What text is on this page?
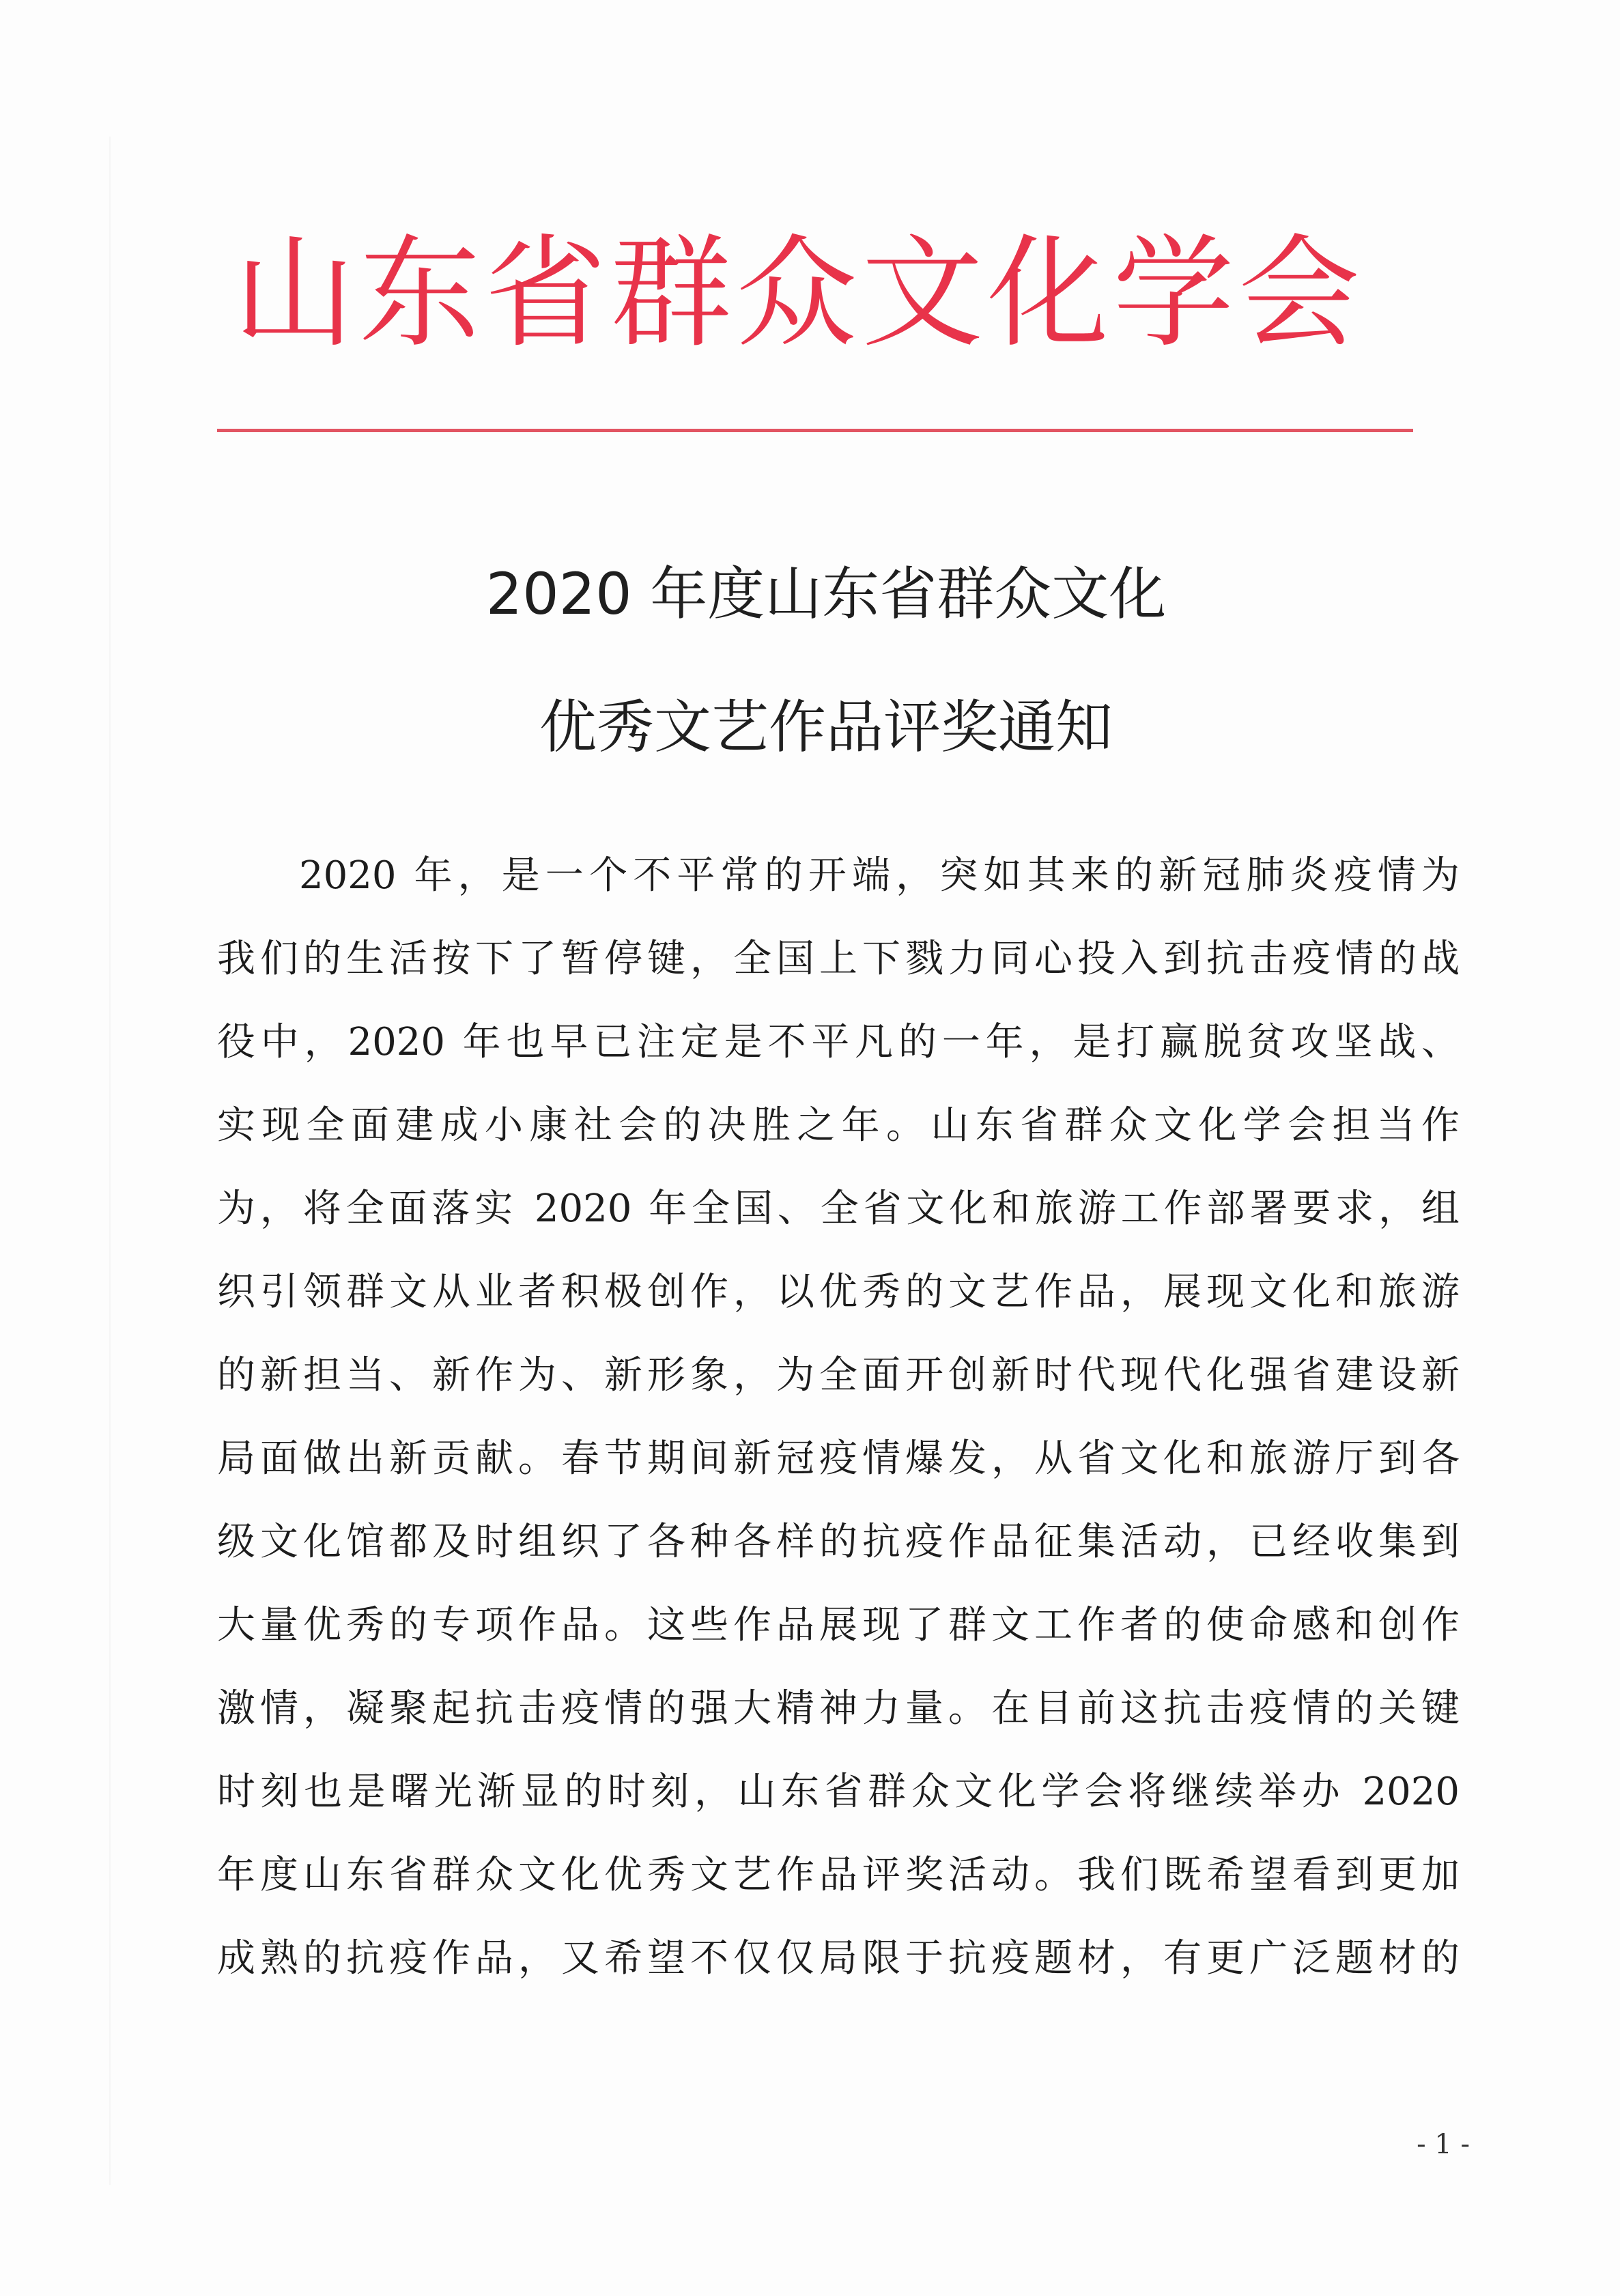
山东省群众文化学会
2020 年度山东省群众文化
优秀文艺作品评奖通知
2020 年，是一个不平常的开端，突如其来的新冠肺炎疫情为
我们的生活按下了暂停键，全国上下戮力同心投入到抗击疫情的战
役中，2020 年也早已注定是不平凡的一年，是打赢脱贫攻坚战、
实现全面建成小康社会的决胜之年。山东省群众文化学会担当作
为，将全面落实 2020 年全国、全省文化和旅游工作部署要求，组
织引领群文从业者积极创作，以优秀的文艺作品，展现文化和旅游
的新担当、新作为、新形象，为全面开创新时代现代化强省建设新
局面做出新贡献。春节期间新冠疫情爆发，从省文化和旅游厅到各
级文化馆都及时组织了各种各样的抗疫作品征集活动，已经收集到
大量优秀的专项作品。这些作品展现了群文工作者的使命感和创作
激情，凝聚起抗击疫情的强大精神力量。在目前这抗击疫情的关键
时刻也是曙光渐显的时刻，山东省群众文化学会将继续举办 2020
年度山东省群众文化优秀文艺作品评奖活动。我们既希望看到更加
成熟的抗疫作品，又希望不仅仅局限于抗疫题材，有更广泛题材的
- 1 -
